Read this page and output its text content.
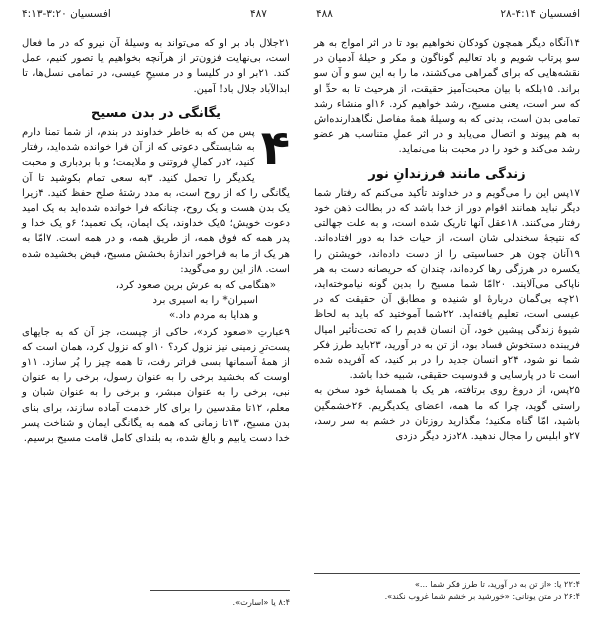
افسسیان ۳:۲۰-۴:۱۳	۴۸۷	۴۸۸	افسسیان ۴:۱۴-۲۸

۲۱جلال باد بر او که می‌تواند به وسیلهٔ آن نیرو که در ما فعال است، بی‌نهایت فزون‌تر از هرآنچه بخواهیم یا تصور کنیم، عمل کند. ۲۱بر او در کلیسا و در مسیحِ عیسی، در تمامی نسل‌ها، تا ابدالآباد جلال باد! آمین.

یگانگی در بدن مسیح
۴

پس من که به خاطر خداوند در بندم، از شما تمنا دارم به شایستگی دعوتی که از آن فرا خوانده شده‌اید، رفتار کنید، ۲در کمالِ فروتنی و ملایمت؛ و با بردباری و محبت یکدیگر را تحمل کنید. ۳به سعی تمام بکوشید تا آن یگانگی را که از روح است، به مدد رشتهٔ صلح حفظ کنید. ۴زیرا یک بدن هست و یک روح، چنانکه فرا خوانده شده‌اید به یک امید دعوت خویش؛ ۵یک خداوند، یک ایمان، یک تعمید؛ ۶و یک خدا و پدر همه که فوق همه، از طریق همه، و در همه است. ۷امّا به هر یک از ما به فراخور اندازهٔ بخشش مسیح، فیض بخشیده شده است. ۸از این رو می‌گوید:

«هنگامی که به عرش برین صعود کرد،

اسیران* را به اسیری برد

و هدایا به مردم داد.»

۹عبارتِ «صعود کرد»، حاکی از چیست، جز آن که به جایهای پست‌ترِ زمینی نیز نزول کرد؟ ۱۰او که نزول کرد، همان است که از همهٔ آسمانها بسی فراتر رفت، تا همه چیز را پُر سازد. ۱۱و اوست که بخشید برخی را به عنوان رسول، برخی را به عنوان نبی، برخی را به عنوان مبشر، و برخی را به عنوان شبان و معلم، ۱۲تا مقدسین را برای کار خدمت آماده سازند، برای بنای بدن مسیح، ۱۳تا زمانی که همه به یگانگی ایمان و شناخت پسر خدا دست یابیم و بالغ شده، به بلندای کامل قامت مسیح برسیم.

۱۴آنگاه دیگر همچون کودکان نخواهیم بود تا در اثر امواج به هر سو پرتاب شویم و باد تعالیم گوناگون و مکر و حیلهٔ آدمیان در نقشه‌هایی که برای گمراهی می‌کشند، ما را به این سو و آن سو براند. ۱۵بلکه با بیان محبت‌آمیز حقیقت، از هرحیث تا به حدِّ او که سر است، یعنی مسیح، رشد خواهیم کرد. ۱۶او منشاء رشد تمامی بدن است، بدنی که به وسیلهٔ همهٔ مفاصل نگاهدارنده‌اش به هم پیوند و اتصال می‌یابد و در اثر عملِ متناسب هر عضو رشد می‌کند و خود را در محبت بنا می‌نماید.

زندگی مانند فرزندانِ نور

۱۷پس این را می‌گویم و در خداوند تأکید می‌کنم که رفتار شما دیگر نباید همانند اقوام دور از خدا باشد که در بطالت ذهن خود رفتار می‌کنند. ۱۸عقل آنها تاریک شده است، و به علت جهالتی که نتیجهٔ سخندلی شان است، از حیات خدا به دور افتاده‌اند. ۱۹آنان چون هر حساسیتی را از دست داده‌اند، خویشتن را یکسره در هرزگی رها کرده‌اند، چندان که حریصانه دست به هر ناپاکی می‌آلایند. ۲۰امّا شما مسیح را بدین گونه نیاموخته‌اید، ۲۱چه بی‌گمان دربارهٔ او شنیده و مطابق آن حقیقت که در عیسی است، تعلیم یافته‌اید. ۲۲شما آموختید که باید به لحاظ شیوهٔ زندگی پیشین خود، آن انسان قدیم را که تحت‌تأثیر امیال فریبنده دستخوش فساد بود، از تن به در آورید، ۲۳باید طرز فکر شما نو شود، ۲۴و انسان جدید را در بر کنید، که آفریده شده است تا در پارسایی و قدوسیت حقیقی، شبیه خدا باشد.

۲۵پس، از دروغ روی برتافته، هر یک با همسایهٔ خود سخن به راستی گوید، چرا که ما همه، اعضای یکدیگریم. ۲۶خشمگین باشید، امّا گناه مکنید؛ مگذارید روزتان در خشم به سر رسد، ۲۷و ابلیس را مجال ندهید. ۲۸دزد دیگر دزدی

۸:۴ یا «اسارت».

۲۲:۴ یا: «از تن به در آورید، تا طرز فکر شما ...»

۲۶:۴ در متن یونانی: «خورشید بر خشم شما غروب نکند».
